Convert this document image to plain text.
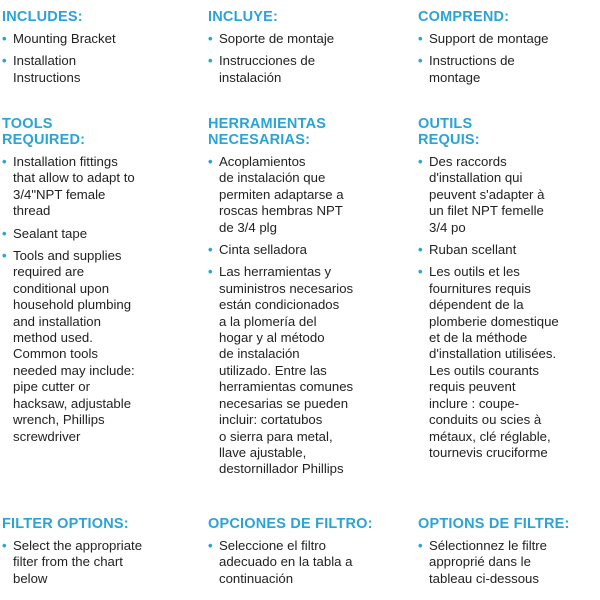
INCLUDES:
• Mounting Bracket
• Installation
Instructions
TOOLS
REQUIRED:
• Installation fittings
that allow to adapt to
3/4"NPT female
thread
• Sealant tape
• Tools and supplies
required are
conditional upon
household plumbing
and installation
method used.
Common tools
needed may include:
pipe cutter or
hacksaw, adjustable
wrench, Phillips
screwdriver
FILTER OPTIONS:
• Select the appropriate
filter from the chart
below
INCLUYE:
• Soporte de montaje
• Instrucciones de
instalación
HERRAMIENTAS
NECESARIAS:
• Acoplamientos
de instalación que
permiten adaptarse a
roscas hembras NPT
de 3/4 plg
• Cinta selladora
• Las herramientas y
suministros necesarios
están condicionados
a la plomería del
hogar y al método
de instalación
utilizado. Entre las
herramientas comunes
necesarias se pueden
incluir: cortatubos
o sierra para metal,
llave ajustable,
destornillador Phillips
OPCIONES DE FILTRO:
• Seleccione el filtro
adecuado en la tabla a
continuación
COMPREND:
• Support de montage
• Instructions de
montage
OUTILS
REQUIS:
• Des raccords
d'installation qui
peuvent s'adapter à
un filet NPT femelle
3/4 po
• Ruban scellant
• Les outils et les
fournitures requis
dépendent de la
plomberie domestique
et de la méthode
d'installation utilisées.
Les outils courants
requis peuvent
inclure : coupe-
conduits ou scies à
métaux, clé réglable,
tournevis cruciforme
OPTIONS DE FILTRE:
• Sélectionnez le filtre
approprié dans le
tableau ci-dessous
